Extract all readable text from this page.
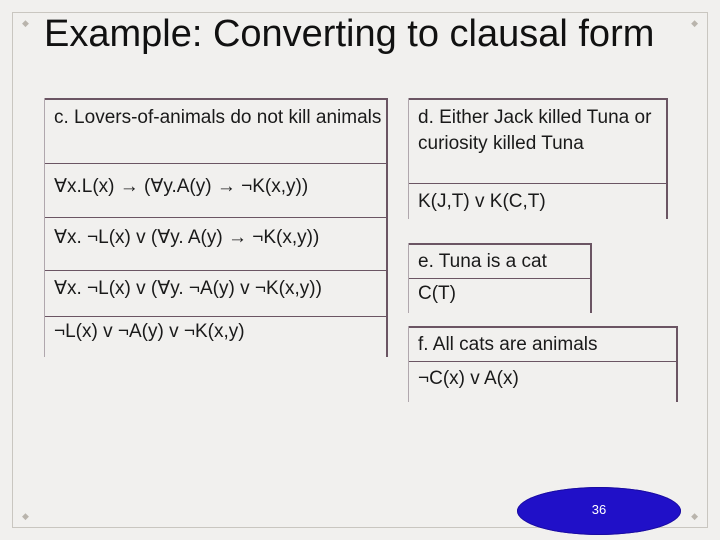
◆	◆
◆	◆
Example: Converting to clausal form
c. Lovers-of-animals do not kill animals
∀x.L(x) → (∀y.A(y) → ¬K(x,y))
∀x. ¬L(x) v (∀y. A(y) → ¬K(x,y))
∀x. ¬L(x) v (∀y. ¬A(y) v ¬K(x,y))
¬L(x) v ¬A(y) v ¬K(x,y)
d. Either Jack killed Tuna or curiosity killed Tuna
K(J,T) v K(C,T)
e. Tuna is a cat
C(T)
f. All cats are animals
¬C(x) v A(x)
36
